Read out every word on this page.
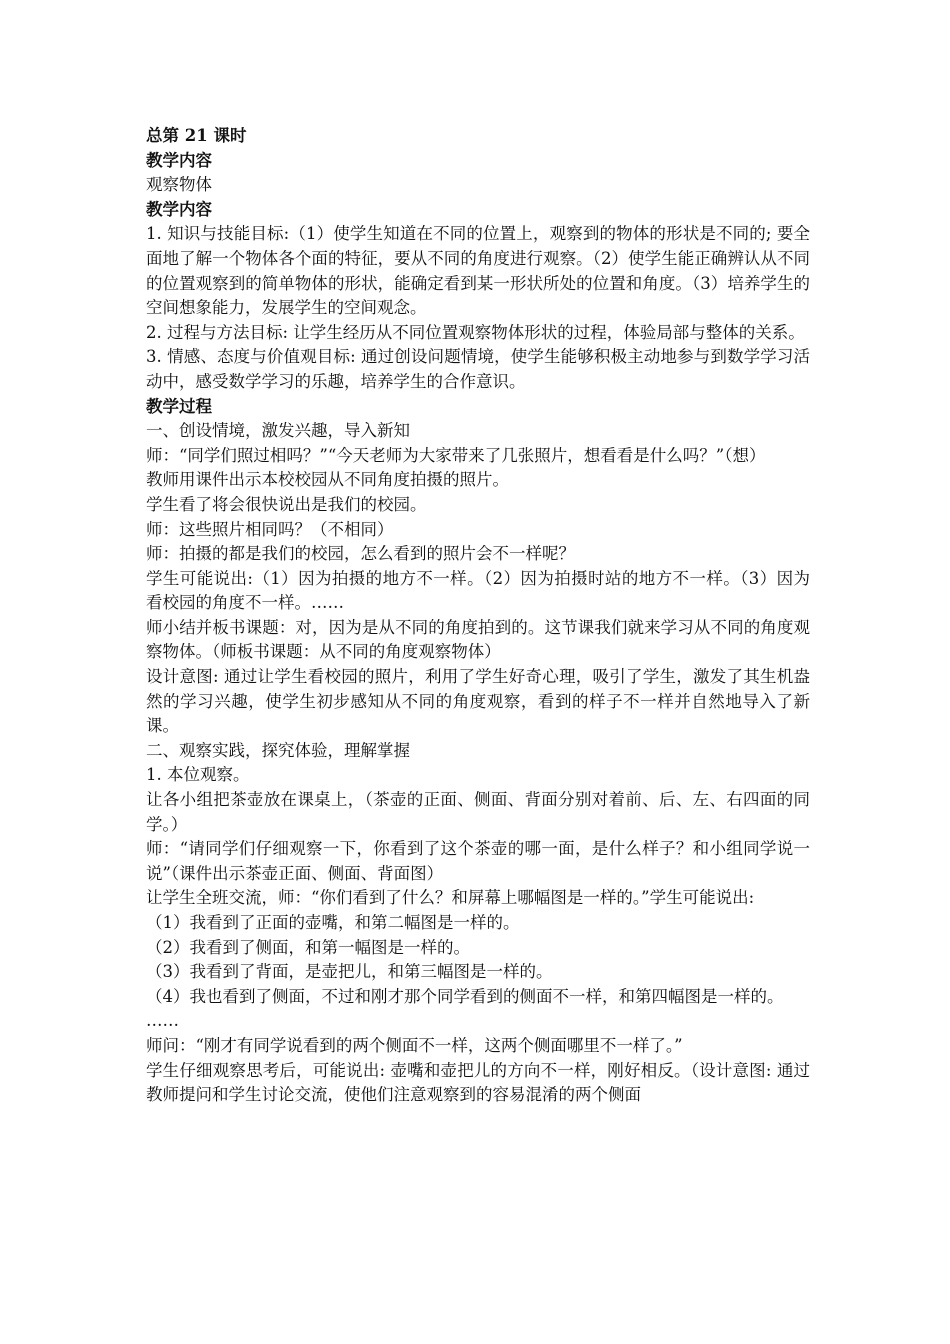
总第 21 课时

教学内容

观察物体

教学内容

1. 知识与技能目标:（1）使学生知道在不同的位置上，观察到的物体的形状是不同的; 要全面地了解一个物体各个面的特征，要从不同的角度进行观察。（2）使学生能正确辨认从不同的位置观察到的简单物体的形状，能确定看到某一形状所处的位置和角度。（3）培养学生的空间想象能力，发展学生的空间观念。

2. 过程与方法目标: 让学生经历从不同位置观察物体形状的过程，体验局部与整体的关系。

3. 情感、态度与价值观目标: 通过创设问题情境，使学生能够积极主动地参与到数学学习活动中，感受数学学习的乐趣，培养学生的合作意识。

教学过程

一、创设情境，激发兴趣，导入新知

师：“同学们照过相吗？”“今天老师为大家带来了几张照片，想看看是什么吗？”（想）

教师用课件出示本校校园从不同角度拍摄的照片。

学生看了将会很快说出是我们的校园。

师：这些照片相同吗？（不相同）

师：拍摄的都是我们的校园，怎么看到的照片会不一样呢？

学生可能说出:（1）因为拍摄的地方不一样。（2）因为拍摄时站的地方不一样。（3）因为看校园的角度不一样。……

师小结并板书课题：对，因为是从不同的角度拍到的。这节课我们就来学习从不同的角度观察物体。（师板书课题：从不同的角度观察物体）

设计意图: 通过让学生看校园的照片，利用了学生好奇心理，吸引了学生，激发了其生机盎然的学习兴趣，使学生初步感知从不同的角度观察，看到的样子不一样并自然地导入了新课。

二、观察实践，探究体验，理解掌握

1. 本位观察。

让各小组把茶壶放在课桌上，（茶壶的正面、侧面、背面分别对着前、后、左、右四面的同学。）

师：“请同学们仔细观察一下，你看到了这个茶壶的哪一面，是什么样子？和小组同学说一说”（课件出示茶壶正面、侧面、背面图）

让学生全班交流，师：“你们看到了什么？和屏幕上哪幅图是一样的。”学生可能说出:

（1）我看到了正面的壶嘴，和第二幅图是一样的。

（2）我看到了侧面，和第一幅图是一样的。

（3）我看到了背面，是壶把儿，和第三幅图是一样的。

（4）我也看到了侧面，不过和刚才那个同学看到的侧面不一样，和第四幅图是一样的。

……

师问：“刚才有同学说看到的两个侧面不一样，这两个侧面哪里不一样了。”

学生仔细观察思考后，可能说出: 壶嘴和壶把儿的方向不一样，刚好相反。（设计意图: 通过教师提问和学生讨论交流，使他们注意观察到的容易混淆的两个侧面
